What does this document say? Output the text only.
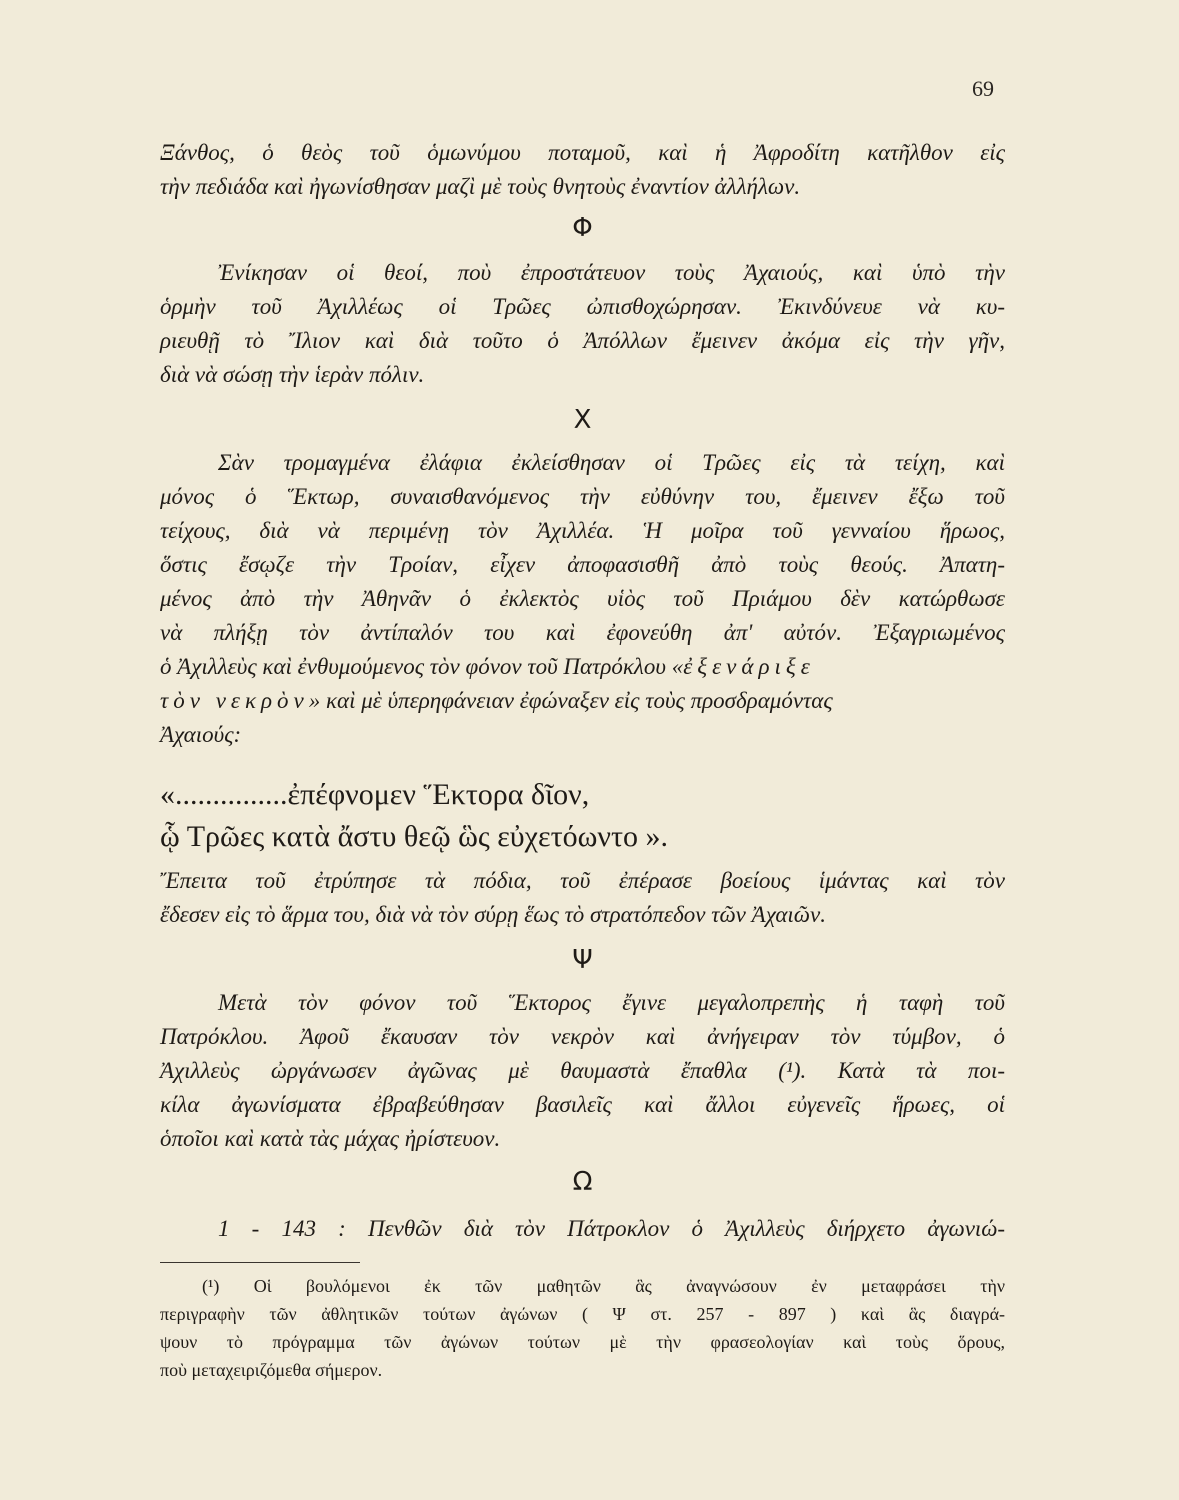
69
Ξάνθος, ὁ θεὸς τοῦ ὁμωνύμου ποταμοῦ, καὶ ἡ Ἀφροδίτη κατῆλθον εἰς
τὴν πεδιάδα καὶ ἠγωνίσθησαν μαζὶ μὲ τοὺς θνητοὺς ἐναντίον ἀλλήλων.
Φ
Ἐνίκησαν οἱ θεοί, ποὺ ἐπροστάτευον τοὺς Ἀχαιούς, καὶ ὑπὸ τὴν
ὁρμὴν τοῦ Ἀχιλλέως οἱ Τρῶες ὠπισθοχώρησαν. Ἐκινδύνευε νὰ κυ-
ριευθῇ τὸ Ἴλιον καὶ διὰ τοῦτο ὁ Ἀπόλλων ἔμεινεν ἀκόμα εἰς τὴν γῆν,
διὰ νὰ σώσῃ τὴν ἱερὰν πόλιν.
Χ
Σὰν τρομαγμένα ἐλάφια ἐκλείσθησαν οἱ Τρῶες εἰς τὰ τείχη, καὶ
μόνος ὁ Ἕκτωρ, συναισθανόμενος τὴν εὐθύνην του, ἔμεινεν ἔξω τοῦ
τείχους, διὰ νὰ περιμένῃ τὸν Ἀχιλλέα. Ἡ μοῖρα τοῦ γενναίου ἥρωος,
ὅστις ἔσῳζε τὴν Τροίαν, εἶχεν ἀποφασισθῆ ἀπὸ τοὺς θεούς. Ἀπατη-
μένος ἀπὸ τὴν Ἀθηνᾶν ὁ ἐκλεκτὸς υἱὸς τοῦ Πριάμου δὲν κατώρθωσε
νὰ πλήξῃ τὸν ἀντίπαλόν του καὶ ἐφονεύθη ἀπ' αὐτόν. Ἐξαγριωμένος
ὁ Ἀχιλλεὺς καὶ ἐνθυμούμενος τὸν φόνον τοῦ Πατρόκλου «ἐξενάριξε
τὸν νεκρὸν» καὶ μὲ ὑπερηφάνειαν ἐφώναξεν εἰς τοὺς προσδραμόντας
Ἀχαιούς:
«...............ἐπέφνομεν Ἕκτορα δῖον,
ᾧ Τρῶες κατὰ ἄστυ θεῷ ὣς εὐχετόωντο ».
Ἔπειτα τοῦ ἐτρύπησε τὰ πόδια, τοῦ ἐπέρασε βοείους ἱμάντας καὶ τὸν
ἔδεσεν εἰς τὸ ἅρμα του, διὰ νὰ τὸν σύρῃ ἕως τὸ στρατόπεδον τῶν Ἀχαιῶν.
Ψ
Μετὰ τὸν φόνον τοῦ Ἕκτορος ἔγινε μεγαλοπρεπὴς ἡ ταφὴ τοῦ
Πατρόκλου. Ἀφοῦ ἔκαυσαν τὸν νεκρὸν καὶ ἀνήγειραν τὸν τύμβον, ὁ
Ἀχιλλεὺς ὠργάνωσεν ἀγῶνας μὲ θαυμαστὰ ἔπαθλα (¹). Κατὰ τὰ ποι-
κίλα ἀγωνίσματα ἐβραβεύθησαν βασιλεῖς καὶ ἄλλοι εὐγενεῖς ἥρωες, οἱ
ὁποῖοι καὶ κατὰ τὰς μάχας ἠρίστευον.
Ω
1 - 143 : Πενθῶν διὰ τὸν Πάτροκλον ὁ Ἀχιλλεὺς διήρχετο ἀγωνιώ-
(¹) Οἱ βουλόμενοι ἐκ τῶν μαθητῶν ἃς ἀναγνώσουν ἐν μεταφράσει τὴν
περιγραφὴν τῶν ἀθλητικῶν τούτων ἀγώνων ( Ψ στ. 257 - 897 ) καὶ ἃς διαγρά-
ψουν τὸ πρόγραμμα τῶν ἀγώνων τούτων μὲ τὴν φρασεολογίαν καὶ τοὺς ὅρους,
ποὺ μεταχειριζόμεθα σήμερον.
